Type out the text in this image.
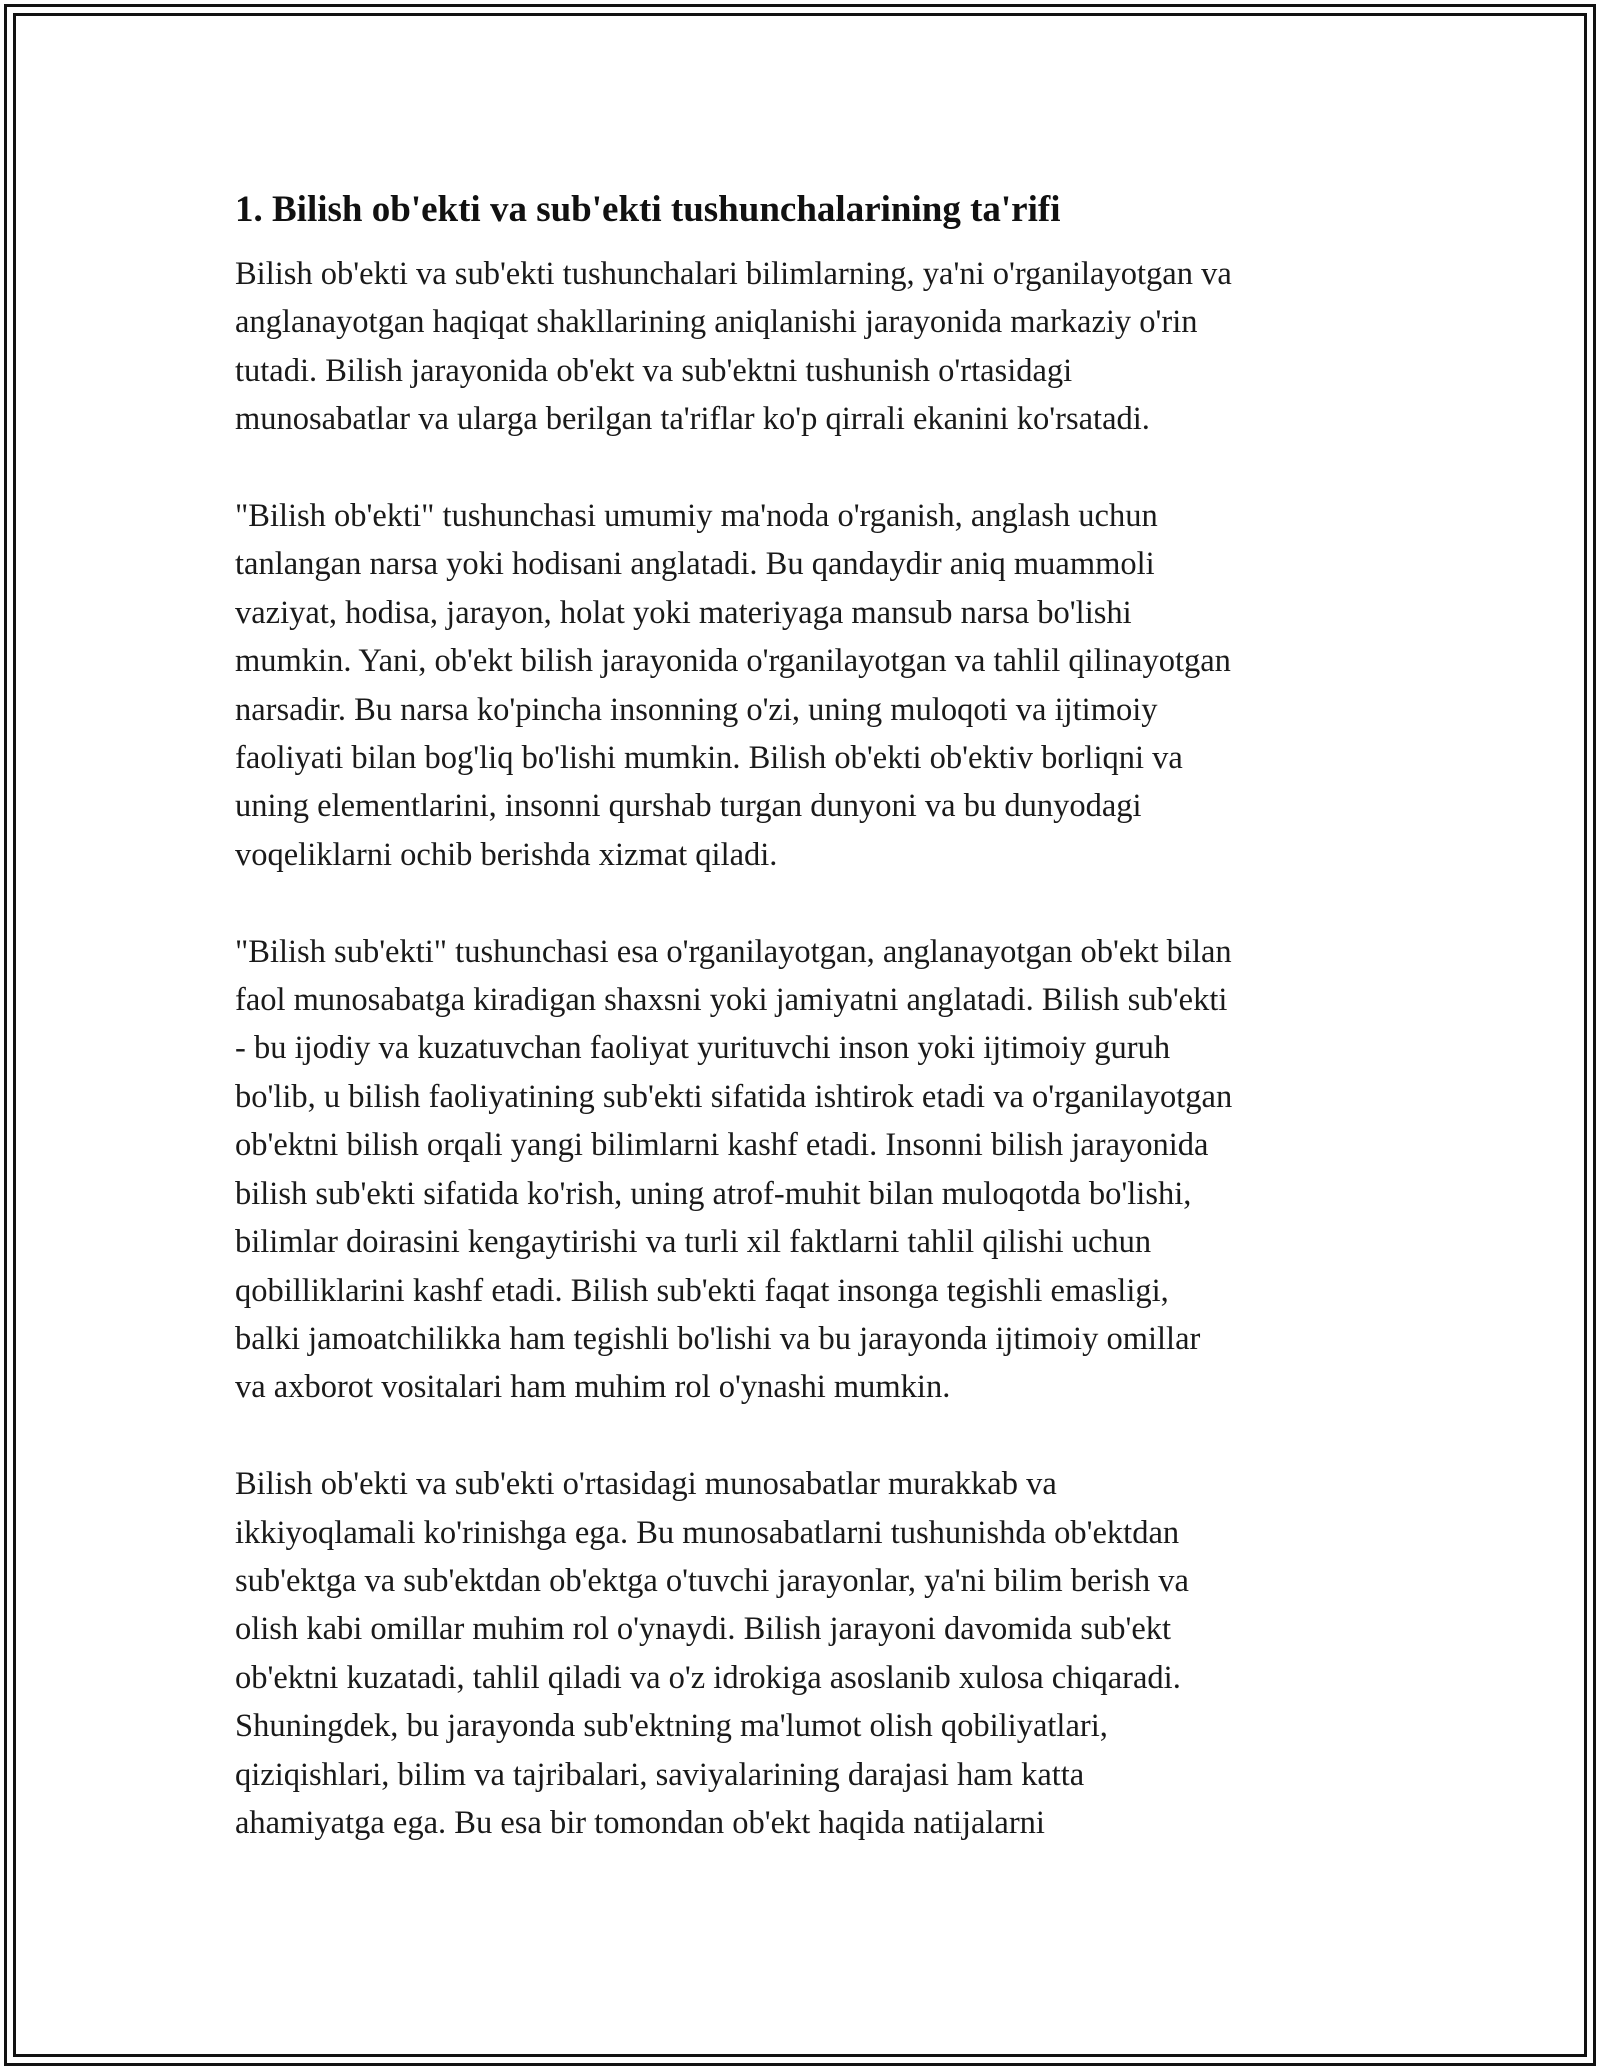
1. Bilish ob'ekti va sub'ekti tushunchalarining ta'rifi

Bilish ob'ekti va sub'ekti tushunchalari bilimlarning, ya'ni o'rganilayotgan va
anglanayotgan haqiqat shakllarining aniqlanishi jarayonida markaziy o'rin
tutadi. Bilish jarayonida ob'ekt va sub'ektni tushunish o'rtasidagi
munosabatlar va ularga berilgan ta'riflar ko'p qirrali ekanini ko'rsatadi.

"Bilish ob'ekti" tushunchasi umumiy ma'noda o'rganish, anglash uchun
tanlangan narsa yoki hodisani anglatadi. Bu qandaydir aniq muammoli
vaziyat, hodisa, jarayon, holat yoki materiyaga mansub narsa bo'lishi
mumkin. Yani, ob'ekt bilish jarayonida o'rganilayotgan va tahlil qilinayotgan
narsadir. Bu narsa ko'pincha insonning o'zi, uning muloqoti va ijtimoiy
faoliyati bilan bog'liq bo'lishi mumkin. Bilish ob'ekti ob'ektiv borliqni va
uning elementlarini, insonni qurshab turgan dunyoni va bu dunyodagi
voqeliklarni ochib berishda xizmat qiladi.

"Bilish sub'ekti" tushunchasi esa o'rganilayotgan, anglanayotgan ob'ekt bilan
faol munosabatga kiradigan shaxsni yoki jamiyatni anglatadi. Bilish sub'ekti
- bu ijodiy va kuzatuvchan faoliyat yurituvchi inson yoki ijtimoiy guruh
bo'lib, u bilish faoliyatining sub'ekti sifatida ishtirok etadi va o'rganilayotgan
ob'ektni bilish orqali yangi bilimlarni kashf etadi. Insonni bilish jarayonida
bilish sub'ekti sifatida ko'rish, uning atrof-muhit bilan muloqotda bo'lishi,
bilimlar doirasini kengaytirishi va turli xil faktlarni tahlil qilishi uchun
qobilliklarini kashf etadi. Bilish sub'ekti faqat insonga tegishli emasligi,
balki jamoatchilikka ham tegishli bo'lishi va bu jarayonda ijtimoiy omillar
va axborot vositalari ham muhim rol o'ynashi mumkin.

Bilish ob'ekti va sub'ekti o'rtasidagi munosabatlar murakkab va
ikkiyoqlamali ko'rinishga ega. Bu munosabatlarni tushunishda ob'ektdan
sub'ektga va sub'ektdan ob'ektga o'tuvchi jarayonlar, ya'ni bilim berish va
olish kabi omillar muhim rol o'ynaydi. Bilish jarayoni davomida sub'ekt
ob'ektni kuzatadi, tahlil qiladi va o'z idrokiga asoslanib xulosa chiqaradi.
Shuningdek, bu jarayonda sub'ektning ma'lumot olish qobiliyatlari,
qiziqishlari, bilim va tajribalari, saviyalarining darajasi ham katta
ahamiyatga ega. Bu esa bir tomondan ob'ekt haqida natijalarni
